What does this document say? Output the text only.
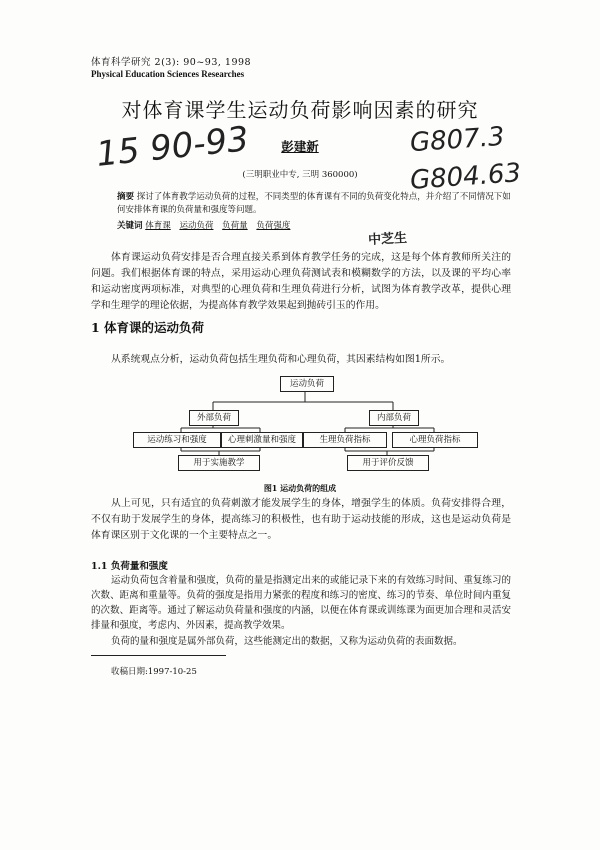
体育科学研究 2(3): 90~93, 1998
Physical Education Sciences Researches
对体育课学生运动负荷影响因素的研究
彭建新
(三明职业中专, 三明 360000)
15 90-93	G807.3
G804.63
中芝生
摘要 探讨了体育教学运动负荷的过程，不同类型的体育课有不同的负荷变化特点，并介绍了不同情况下如何安排体育课的负荷量和强度等问题。
关键词 体育课 运动负荷 负荷量 负荷强度
体育课运动负荷安排是否合理直接关系到体育教学任务的完成，这是每个体育教师所关注的问题。我们根据体育课的特点，采用运动心理负荷测试表和模糊数学的方法，以及课的平均心率和运动密度两项标准，对典型的心理负荷和生理负荷进行分析，试图为体育教学改革，提供心理学和生理学的理论依据，为提高体育教学效果起到抛砖引玉的作用。
1 体育课的运动负荷
从系统观点分析，运动负荷包括生理负荷和心理负荷，其因素结构如图1所示。
运动负荷
外部负荷	内部负荷
运动练习和强度	心理刺激量和强度	生理负荷指标	心理负荷指标
用于实施教学	用于评价反馈
图1 运动负荷的组成
从上可见，只有适宜的负荷刺激才能发展学生的身体，增强学生的体质。负荷安排得合理，不仅有助于发展学生的身体，提高练习的积极性，也有助于运动技能的形成，这也是运动负荷是体育课区别于文化课的一个主要特点之一。
1.1 负荷量和强度
运动负荷包含着量和强度，负荷的量是指测定出来的或能记录下来的有效练习时间、重复练习的次数、距离和重量等。负荷的强度是指用力紧张的程度和练习的密度、练习的节奏、单位时间内重复的次数、距离等。通过了解运动负荷量和强度的内涵，以便在体育课或训练课为面更加合理和灵活安排量和强度，考虑内、外因素，提高教学效果。
负荷的量和强度是属外部负荷，这些能测定出的数据，又称为运动负荷的表面数据。
收稿日期:1997-10-25
